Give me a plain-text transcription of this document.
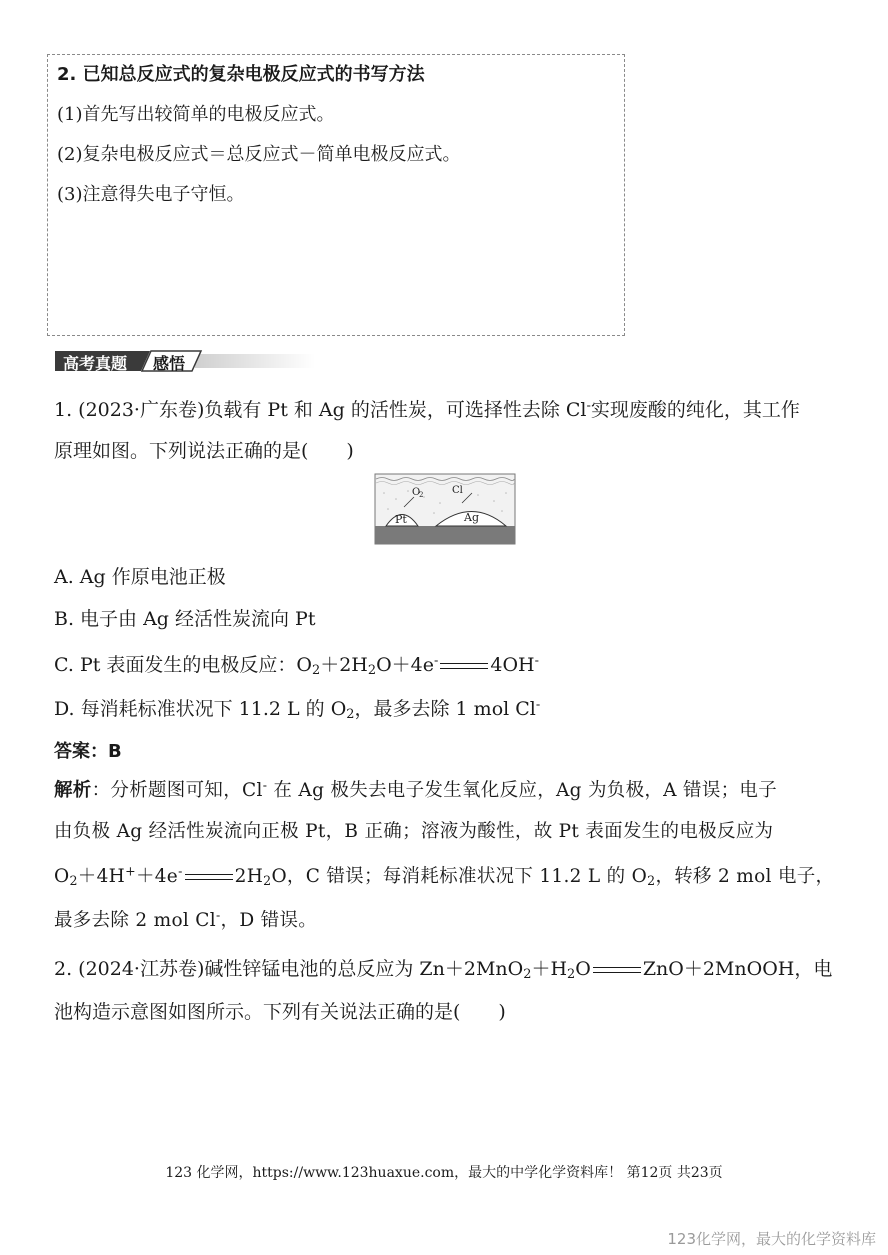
2. 已知总反应式的复杂电极反应式的书写方法
(1)首先写出较简单的电极反应式。
(2)复杂电极反应式＝总反应式－简单电极反应式。
(3)注意得失电子守恒。
高考真题 感悟
1. (2023·广东卷)负载有 Pt 和 Ag 的活性炭，可选择性去除 Cl-实现废酸的纯化，其工作
原理如图。下列说法正确的是(　　)
O
2	Cl
Pt	Ag
A. Ag 作原电池正极
B. 电子由 Ag 经活性炭流向 Pt
C. Pt 表面发生的电极反应：$O_2+2H_2O+4e^-$	4OH-
D. 每消耗标准状况下 11.2 L 的 $O_2$，最多去除 1 mol Cl-
答案：B
解析：分析题图可知，Cl- 在 Ag 极失去电子发生氧化反应，Ag 为负极，A 错误；电子
由负极 Ag 经活性炭流向正极 Pt，B 正确；溶液为酸性，故 Pt 表面发生的电极反应为
$O_2+4H^++4e^-$	$2H_2O$，C 错误；每消耗标准状况下 11.2 L 的 $O_2$，转移 2 mol 电子，
最多去除 2 mol Cl-，D 错误。
2. (2024·江苏卷)碱性锌锰电池的总反应为 $Zn+2MnO_2+H_2O$	ZnO＋2MnOOH，电
池构造示意图如图所示。下列有关说法正确的是(　　)
123 化学网，https://www.123huaxue.com，最大的中学化学资料库！ 第12页 共23页
123化学网，最大的化学资料库
